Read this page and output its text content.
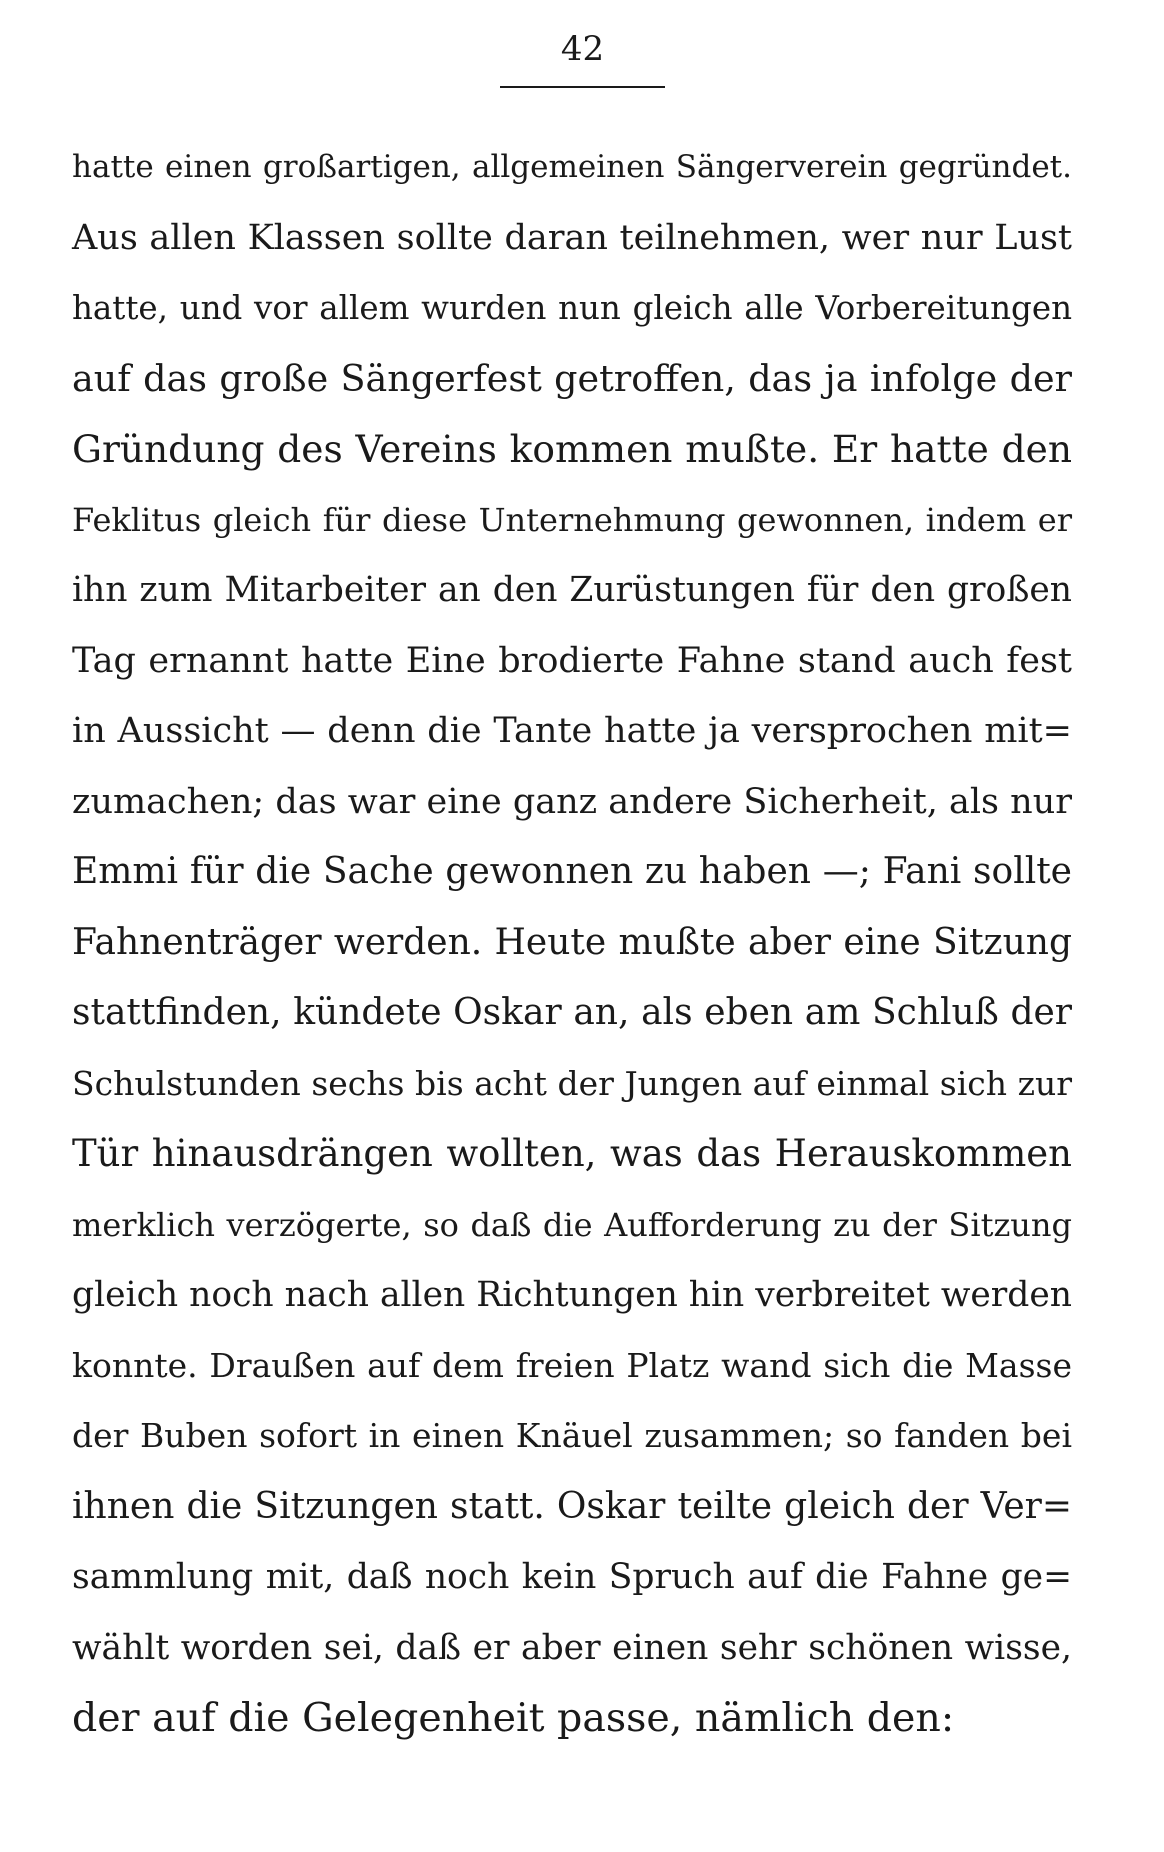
42
hatte einen großartigen, allgemeinen Sängerverein gegründet.
Aus allen Klassen sollte daran teilnehmen, wer nur Lust
hatte, und vor allem wurden nun gleich alle Vorbereitungen
auf das große Sängerfest getroffen, das ja infolge der
Gründung des Vereins kommen mußte. Er hatte den
Feklitus gleich für diese Unternehmung gewonnen, indem er
ihn zum Mitarbeiter an den Zurüstungen für den großen
Tag ernannt hatte Eine brodierte Fahne stand auch fest
in Aussicht — denn die Tante hatte ja versprochen mit=
zumachen; das war eine ganz andere Sicherheit, als nur
Emmi für die Sache gewonnen zu haben —; Fani sollte
Fahnenträger werden. Heute mußte aber eine Sitzung
stattfinden, kündete Oskar an, als eben am Schluß der
Schulstunden sechs bis acht der Jungen auf einmal sich zur
Tür hinausdrängen wollten, was das Herauskommen
merklich verzögerte, so daß die Aufforderung zu der Sitzung
gleich noch nach allen Richtungen hin verbreitet werden
konnte. Draußen auf dem freien Platz wand sich die Masse
der Buben sofort in einen Knäuel zusammen; so fanden bei
ihnen die Sitzungen statt. Oskar teilte gleich der Ver=
sammlung mit, daß noch kein Spruch auf die Fahne ge=
wählt worden sei, daß er aber einen sehr schönen wisse,
der auf die Gelegenheit passe, nämlich den:
